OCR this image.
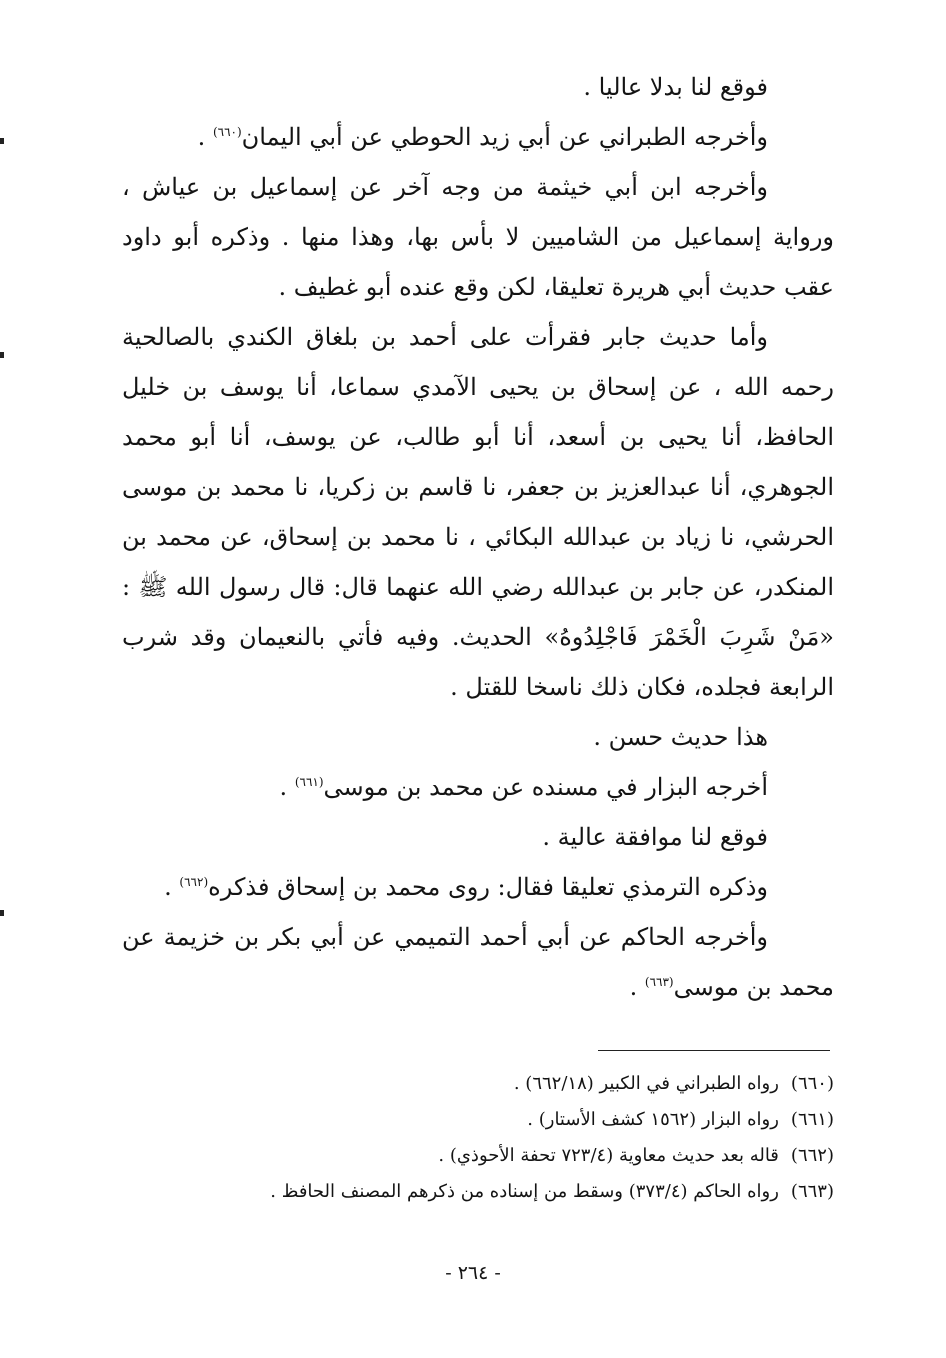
فوقع لنا بدلا عاليا .

وأخرجه الطبراني عن أبي زيد الحوطي عن أبي اليمان$^{(٦٦٠)}$ .

وأخرجه ابن أبي خيثمة من وجه آخر عن إسماعيل بن عياش ، ورواية إسماعيل من الشاميين لا بأس بها، وهذا منها . وذكره أبو داود عقب حديث أبي هريرة تعليقا، لكن وقع عنده أبو غطيف .

وأما حديث جابر فقرأت على أحمد بن بلغاق الكندي بالصالحية رحمه الله ، عن إسحاق بن يحيى الآمدي سماعا، أنا يوسف بن خليل الحافظ، أنا يحيى بن أسعد، أنا أبو طالب، عن يوسف، أنا أبو محمد الجوهري، أنا عبدالعزيز بن جعفر، نا قاسم بن زكريا، نا محمد بن موسى الحرشي، نا زياد بن عبدالله البكائي ، نا محمد بن إسحاق، عن محمد بن المنكدر، عن جابر بن عبدالله رضي الله عنهما قال: قال رسول الله ﷺ : «مَنْ شَرِبَ الْخَمْرَ فَاجْلِدُوهُ» الحديث. وفيه فأتي بالنعيمان وقد شرب الرابعة فجلده، فكان ذلك ناسخا للقتل .

هذا حديث حسن .

أخرجه البزار في مسنده عن محمد بن موسى$^{(٦٦١)}$ .

فوقع لنا موافقة عالية .

وذكره الترمذي تعليقا فقال: روى محمد بن إسحاق فذكره$^{(٦٦٢)}$ .

وأخرجه الحاكم عن أبي أحمد التميمي عن أبي بكر بن خزيمة عن محمد بن موسى$^{(٦٦٣)}$ .

(٦٦٠)رواه الطبراني في الكبير (٦٦٢/١٨) .

(٦٦١)رواه البزار (١٥٦٢ كشف الأستار) .

(٦٦٢)قاله بعد حديث معاوية (٧٢٣/٤ تحفة الأحوذي) .

(٦٦٣)رواه الحاكم (٣٧٣/٤) وسقط من إسناده من ذكرهم المصنف الحافظ .

- ٢٦٤ -
